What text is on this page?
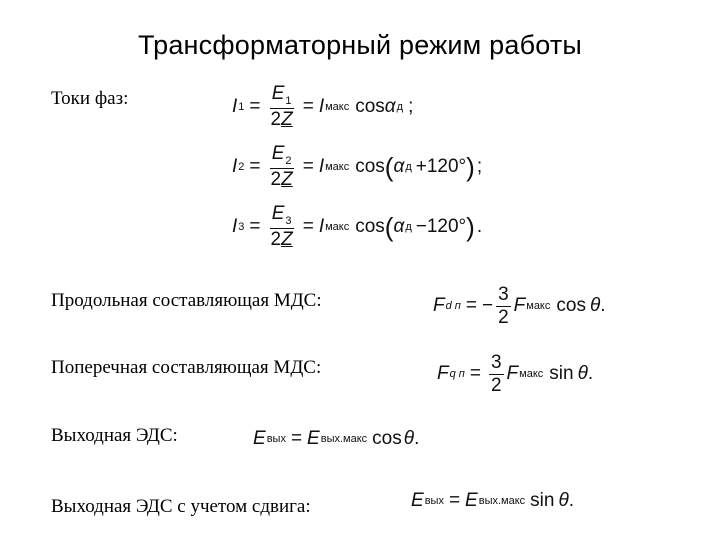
Трансформаторный режим работы
Токи фаз:	I $1 = \frac{E_1}{2Z} = I$ макс cos α д ;
I $2 = \frac{E_2}{2Z} = I$ макс cos ( α д +120° ) ;
I $3 = \frac{E_3}{2Z} = I$ макс cos ( α д −120° ) .
Продольная составляющая МДС:	F d п = − $\frac{3}{2}$ F макс cos θ .
Поперечная составляющая МДС:	F q $п = \frac{3}{2}$ F макс sin θ .
Выходная ЭДС:	E вых = E вых.макс cos θ .
Выходная ЭДС с учетом сдвига:	E вых = E вых.макс sin θ .
